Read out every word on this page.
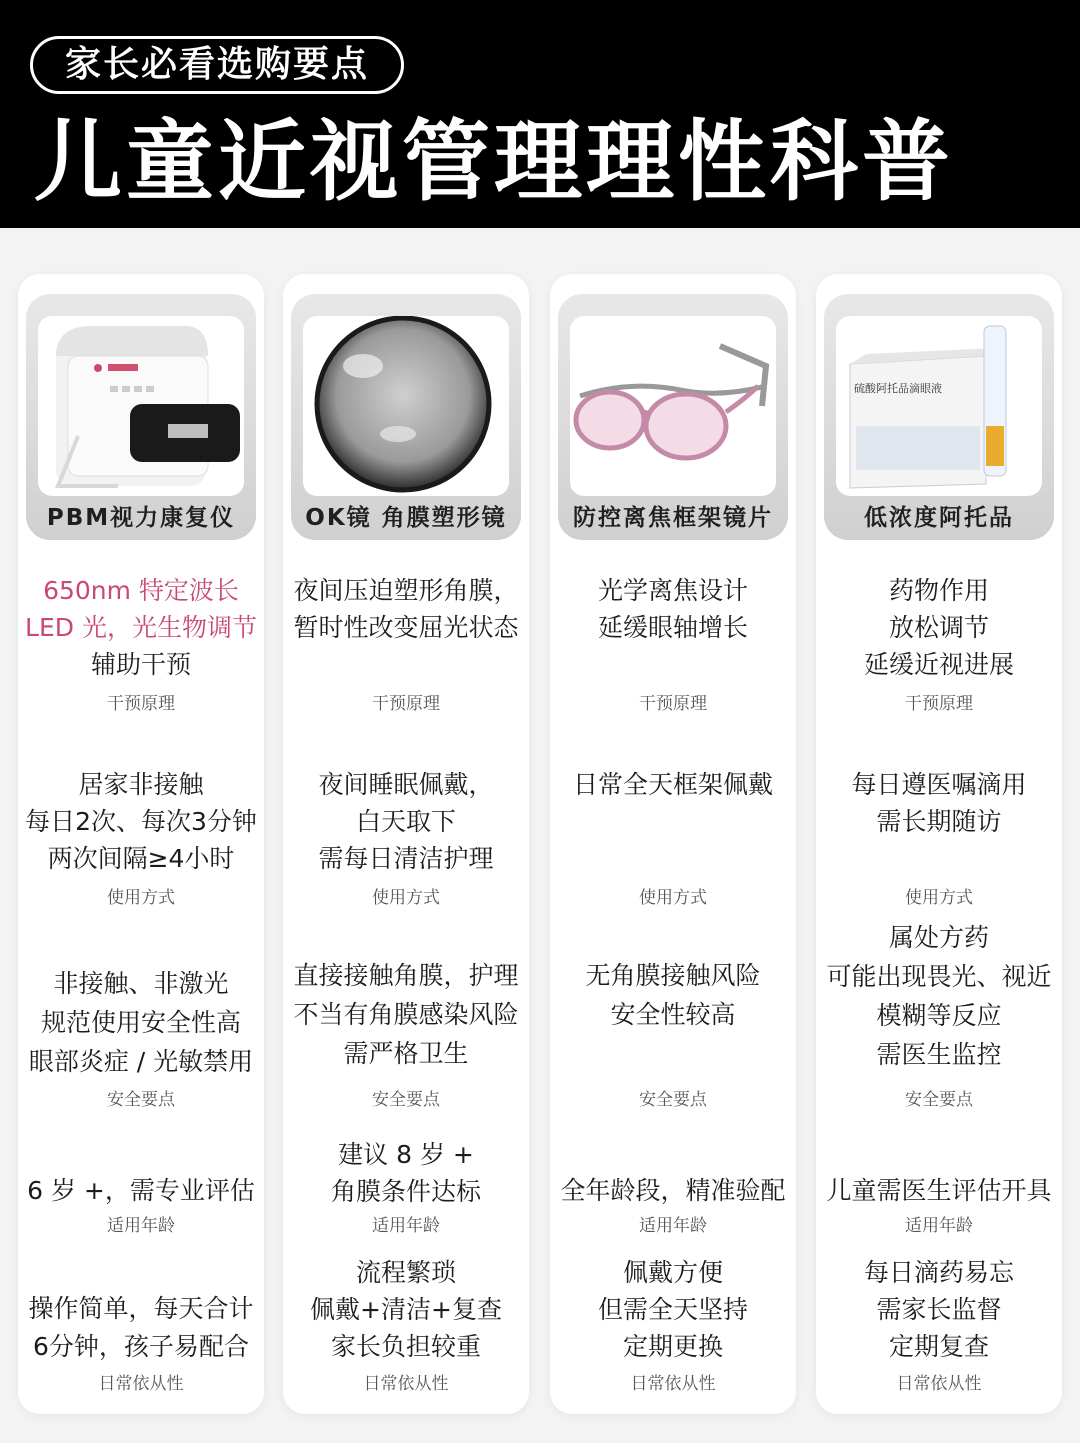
家长必看选购要点
儿童近视管理理性科普
PBM视力康复仪
650nm 特定波长
LED 光，光生物调节
辅助干预
干预原理
居家非接触
每日2次、每次3分钟
两次间隔≥4小时
使用方式
非接触、非激光
规范使用安全性高
眼部炎症 / 光敏禁用
安全要点
6 岁 +，需专业评估
适用年龄
操作简单，每天合计
6分钟，孩子易配合
日常依从性
OK镜 角膜塑形镜
夜间压迫塑形角膜，
暂时性改变屈光状态
干预原理
夜间睡眠佩戴，
白天取下
需每日清洁护理
使用方式
直接接触角膜，护理
不当有角膜感染风险
需严格卫生
安全要点
建议 8 岁 +
角膜条件达标
适用年龄
流程繁琐
佩戴+清洁+复查
家长负担较重
日常依从性
防控离焦框架镜片
光学离焦设计
延缓眼轴增长
干预原理
日常全天框架佩戴
使用方式
无角膜接触风险
安全性较高
安全要点
全年龄段，精准验配
适用年龄
佩戴方便
但需全天坚持
定期更换
日常依从性
硫酸阿托品滴眼液
低浓度阿托品
药物作用
放松调节
延缓近视进展
干预原理
每日遵医嘱滴用
需长期随访
使用方式
属处方药
可能出现畏光、视近
模糊等反应
需医生监控
安全要点
儿童需医生评估开具
适用年龄
每日滴药易忘
需家长监督
定期复查
日常依从性
